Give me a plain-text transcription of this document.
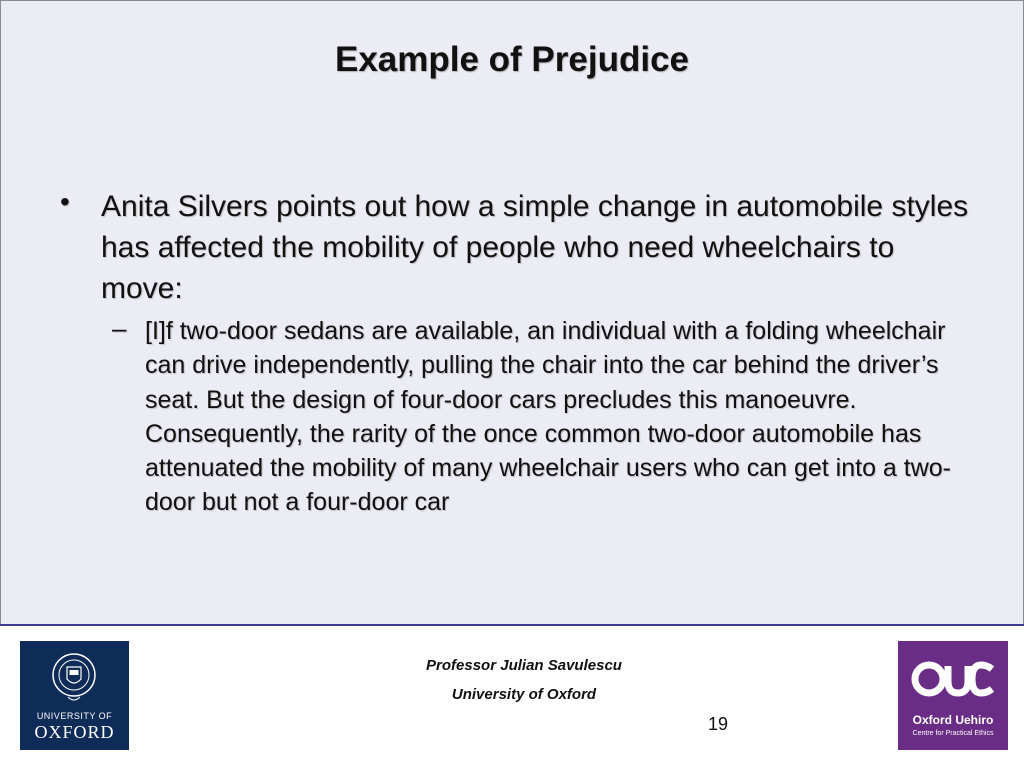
Example of Prejudice
• Anita Silvers points out how a simple change in automobile styles has affected the mobility of people who need wheelchairs to move:
– [I]f two-door sedans are available, an individual with a folding wheelchair can drive independently, pulling the chair into the car behind the driver’s seat. But the design of four-door cars precludes this manoeuvre. Consequently, the rarity of the once common two-door automobile has attenuated the mobility of many wheelchair users who can get into a two-door but not a four-door car
UNIVERSITY OF
OXFORD
Professor Julian Savulescu
University of Oxford
19	Oxford Uehiro
Centre for Practical Ethics
